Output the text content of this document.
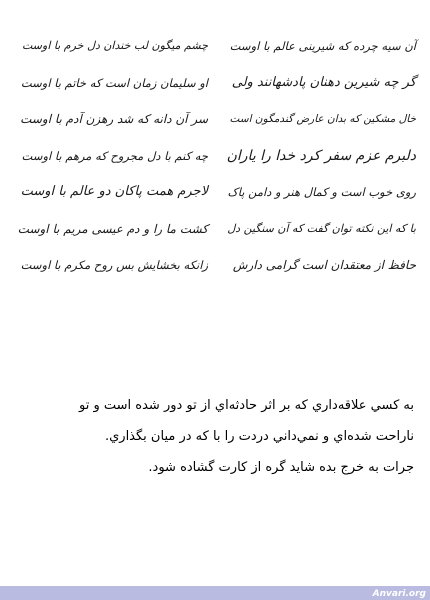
آن سیه چرده که شیرینی عالم با اوست
گر چه شیرین دهنان پادشهانند ولی
خال مشکین که بدان عارض گندمگون است
دلبرم عزم سفر کرد خدا را یاران
روی خوب است و کمال هنر و دامن پاک
با که این نکته توان گفت که آن سنگین دل
حافظ از معتقدان است گرامی دارش
چشم میگون لب خندان دل خرم با اوست
او سلیمان زمان است که خاتم با اوست
سر آن دانه که شد رهزن آدم با اوست
چه کنم با دل مجروح که مرهم با اوست
لاجرم همت پاکان دو عالم با اوست
کشت ما را و دم عیسی مریم با اوست
زانکه بخشایش بس روح مکرم با اوست

به كسي علاقه‌داري كه بر اثر حادثه‌اي از تو دور شده است و تو

ناراحت شده‌اي و نمي‌داني دردت را با كه در ميان بگذاري.

جرات به خرج بده شايد گره از كارت گشاده شود.

Anvari.org
